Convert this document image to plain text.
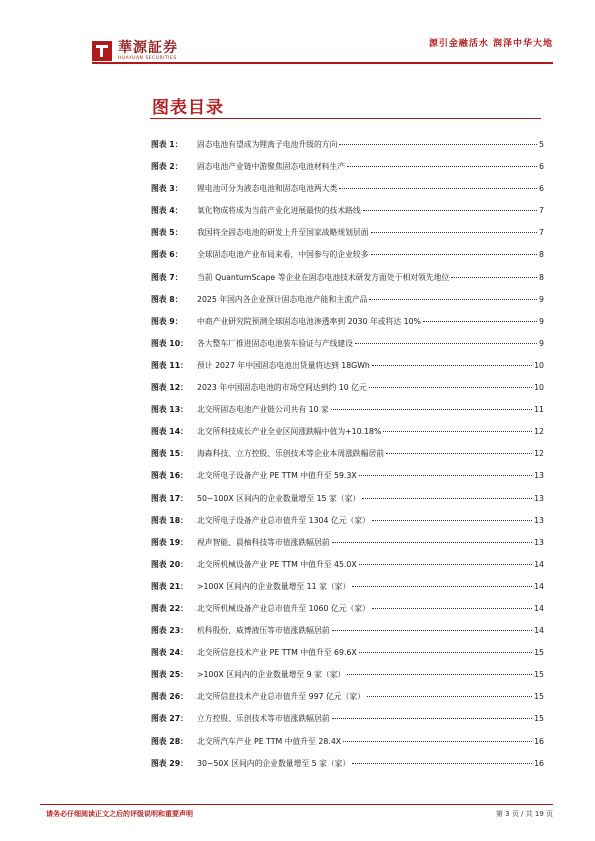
華源証券
HUAYUAN SECURITIES
源引金融活水 润泽中华大地
图表目录
图表 1：	固态电池有望成为锂离子电池升级的方向	5
图表 2：	固态电池产业链中游聚焦固态电池材料生产	6
图表 3：	锂电池可分为液态电池和固态电池两大类	6
图表 4：	氧化物成将成为当前产业化进展最快的技术路线	7
图表 5：	我国将全固态电池的研发上升至国家战略规划层面	7
图表 6：	全球固态电池产业布局来看，中国参与的企业较多	8
图表 7：	当前 QuantumScape 等企业在固态电池技术研发方面处于相对领先地位	8
图表 8：	2025 年国内各企业预计固态电池产能和主流产品	9
图表 9：	中商产业研究院预测全球固态电池渗透率到 2030 年或将达 10%	9
图表 10：	各大整车厂推进固态电池装车验证与产线建设	9
图表 11：	预计 2027 年中国固态电池出货量将达到 18GWh	10
图表 12：	2023 年中国固态电池的市场空间达到约 10 亿元	10
图表 13：	北交所固态电池产业链公司共有 10 家	11
图表 14：	北交所科技成长产业全业区间涨跌幅中值为+10.18%	12
图表 15：	海森科技、立方控股、乐创技术等企业本周涨跌幅居前	12
图表 16：	北交所电子设备产业 PE TTM 中值升至 59.3X	13
图表 17：	50~100X 区间内的企业数量增至 15 家（家）	13
图表 18：	北交所电子设备产业总市值升至 1304 亿元（家）	13
图表 19：	视声智能、晨柚科技等市值涨跌幅居前	13
图表 20：	北交所机械设备产业 PE TTM 中值升至 45.0X	14
图表 21：	>100X 区间内的企业数量增至 11 家（家）	14
图表 22：	北交所机械设备产业总市值升至 1060 亿元（家）	14
图表 23：	机科股份、威博液压等市值涨跌幅居前	14
图表 24：	北交所信息技术产业 PE TTM 中值升至 69.6X	15
图表 25：	>100X 区间内的企业数量增至 9 家（家）	15
图表 26：	北交所信息技术产业总市值升至 997 亿元（家）	15
图表 27：	立方控股、乐创技术等市值涨跌幅居前	15
图表 28：	北交所汽车产业 PE TTM 中值升至 28.4X	16
图表 29：	30~50X 区间内的企业数量增至 5 家（家）	16
请务必仔细阅读正文之后的评级说明和重要声明	第 3 页 / 共 19 页
